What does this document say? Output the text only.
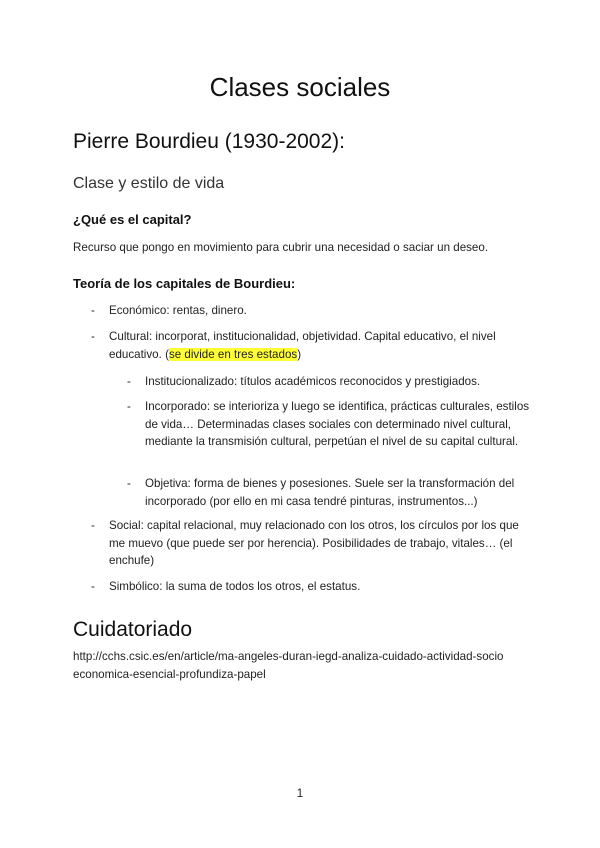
Clases sociales
Pierre Bourdieu (1930-2002):
Clase y estilo de vida
¿Qué es el capital?

Recurso que pongo en movimiento para cubrir una necesidad o saciar un deseo.

Teoría de los capitales de Bourdieu:
- Económico: rentas, dinero.

- Cultural: incorporat, institucionalidad, objetividad. Capital educativo, el nivel educativo. (se divide en tres estados)

- Institucionalizado: títulos académicos reconocidos y prestigiados.

- Incorporado: se interioriza y luego se identifica, prácticas culturales, estilos de vida… Determinadas clases sociales con determinado nivel cultural, mediante la transmisión cultural, perpetúan el nivel de su capital cultural.

- Objetiva: forma de bienes y posesiones. Suele ser la transformación del incorporado (por ello en mi casa tendré pinturas, instrumentos...)

- Social: capital relacional, muy relacionado con los otros, los círculos por los que me muevo (que puede ser por herencia). Posibilidades de trabajo, vitales… (el enchufe)

- Simbólico: la suma de todos los otros, el estatus.

Cuidatoriado

http://cchs.csic.es/en/article/ma-angeles-duran-iegd-analiza-cuidado-actividad-socio
economica-esencial-profundiza-papel

1
